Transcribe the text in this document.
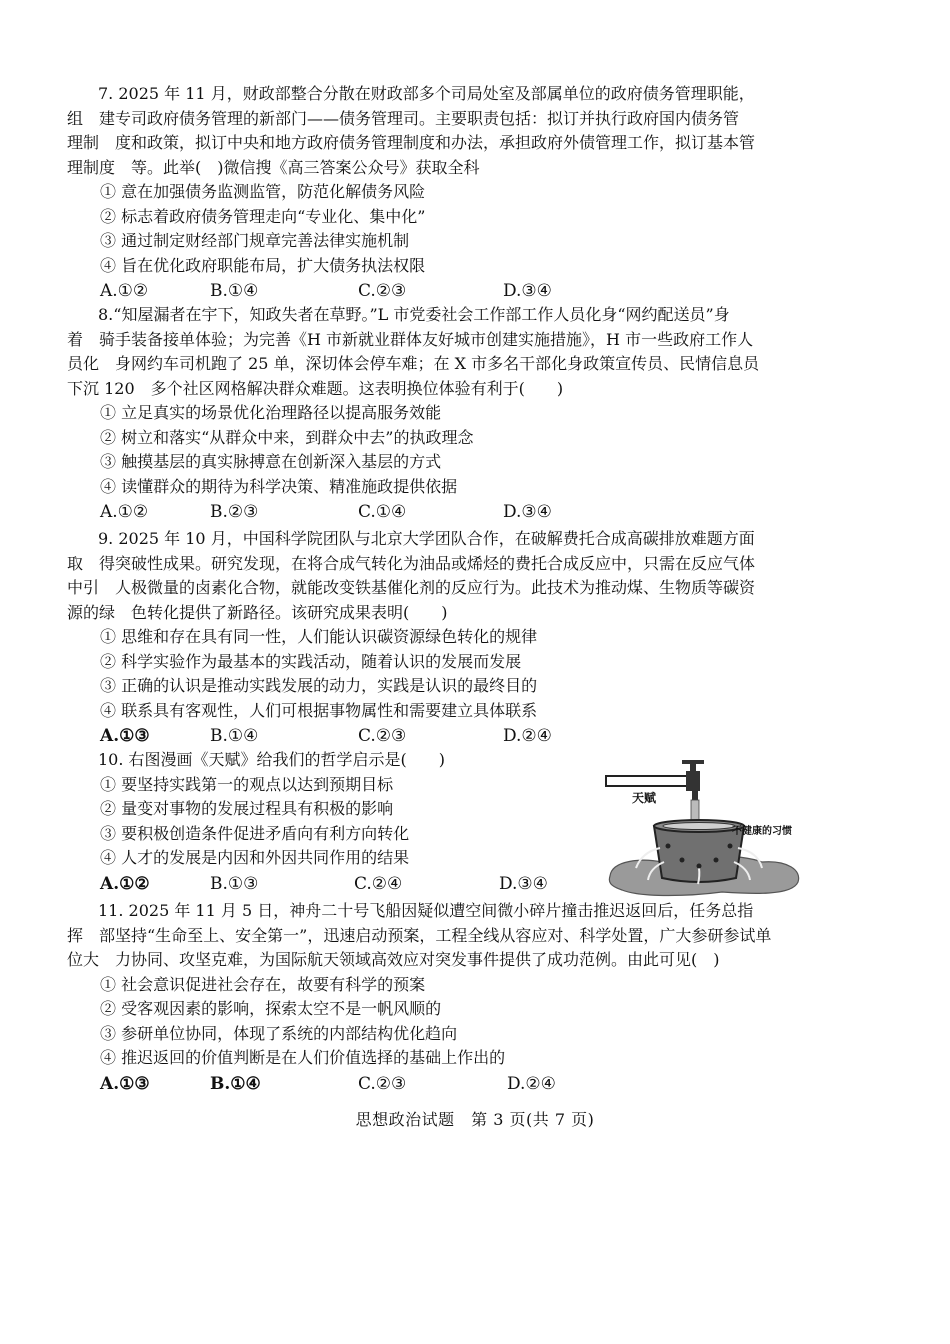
7. 2025 年 11 月，财政部整合分散在财政部多个司局处室及部属单位的政府债务管理职能，
组　建专司政府债务管理的新部门——债务管理司。主要职责包括：拟订并执行政府国内债务管
理制　度和政策，拟订中央和地方政府债务管理制度和办法，承担政府外债管理工作，拟订基本管
理制度　等。此举(　)微信搜《高三答案公众号》获取全科
① 意在加强债务监测监管，防范化解债务风险
② 标志着政府债务管理走向“专业化、集中化”
③ 通过制定财经部门规章完善法律实施机制
④ 旨在优化政府职能布局，扩大债务执法权限
A.①②	B.①④	C.②③	D.③④
8.“知屋漏者在宇下，知政失者在草野。”L 市党委社会工作部工作人员化身“网约配送员”身
着　骑手装备接单体验；为完善《H 市新就业群体友好城市创建实施措施》，H 市一些政府工作人
员化　身网约车司机跑了 25 单，深切体会停车难；在 X 市多名干部化身政策宣传员、民情信息员
下沉 120　多个社区网格解决群众难题。这表明换位体验有利于(　　)
① 立足真实的场景优化治理路径以提高服务效能
② 树立和落实“从群众中来，到群众中去”的执政理念
③ 触摸基层的真实脉搏意在创新深入基层的方式
④ 读懂群众的期待为科学决策、精准施政提供依据
A.①②	B.②③	C.①④	D.③④
9. 2025 年 10 月，中国科学院团队与北京大学团队合作，在破解费托合成高碳排放难题方面
取　得突破性成果。研究发现，在将合成气转化为油品或烯烃的费托合成反应中，只需在反应气体
中引　人极微量的卤素化合物，就能改变铁基催化剂的反应行为。此技术为推动煤、生物质等碳资
源的绿　色转化提供了新路径。该研究成果表明(　　)
① 思维和存在具有同一性，人们能认识碳资源绿色转化的规律
② 科学实验作为最基本的实践活动，随着认识的发展而发展
③ 正确的认识是推动实践发展的动力，实践是认识的最终目的
④ 联系具有客观性，人们可根据事物属性和需要建立具体联系
A.①③	B.①④	C.②③	D.②④
10. 右图漫画《天赋》给我们的哲学启示是(　　)
① 要坚持实践第一的观点以达到预期目标
② 量变对事物的发展过程具有积极的影响
③ 要积极创造条件促进矛盾向有利方向转化
④ 人才的发展是内因和外因共同作用的结果
A.①②	B.①③	C.②④	D.③④
天赋
不健康的习惯
11. 2025 年 11 月 5 日，神舟二十号飞船因疑似遭空间微小碎片撞击推迟返回后，任务总指
挥　部坚持“生命至上、安全第一”，迅速启动预案，工程全线从容应对、科学处置，广大参研参试单
位大　力协同、攻坚克难，为国际航天领域高效应对突发事件提供了成功范例。由此可见(　)
① 社会意识促进社会存在，故要有科学的预案
② 受客观因素的影响，探索太空不是一帆风顺的
③ 参研单位协同，体现了系统的内部结构优化趋向
④ 推迟返回的价值判断是在人们价值选择的基础上作出的
A.①③	B.①④	C.②③	D.②④
思想政治试题　第 3 页(共 7 页)
